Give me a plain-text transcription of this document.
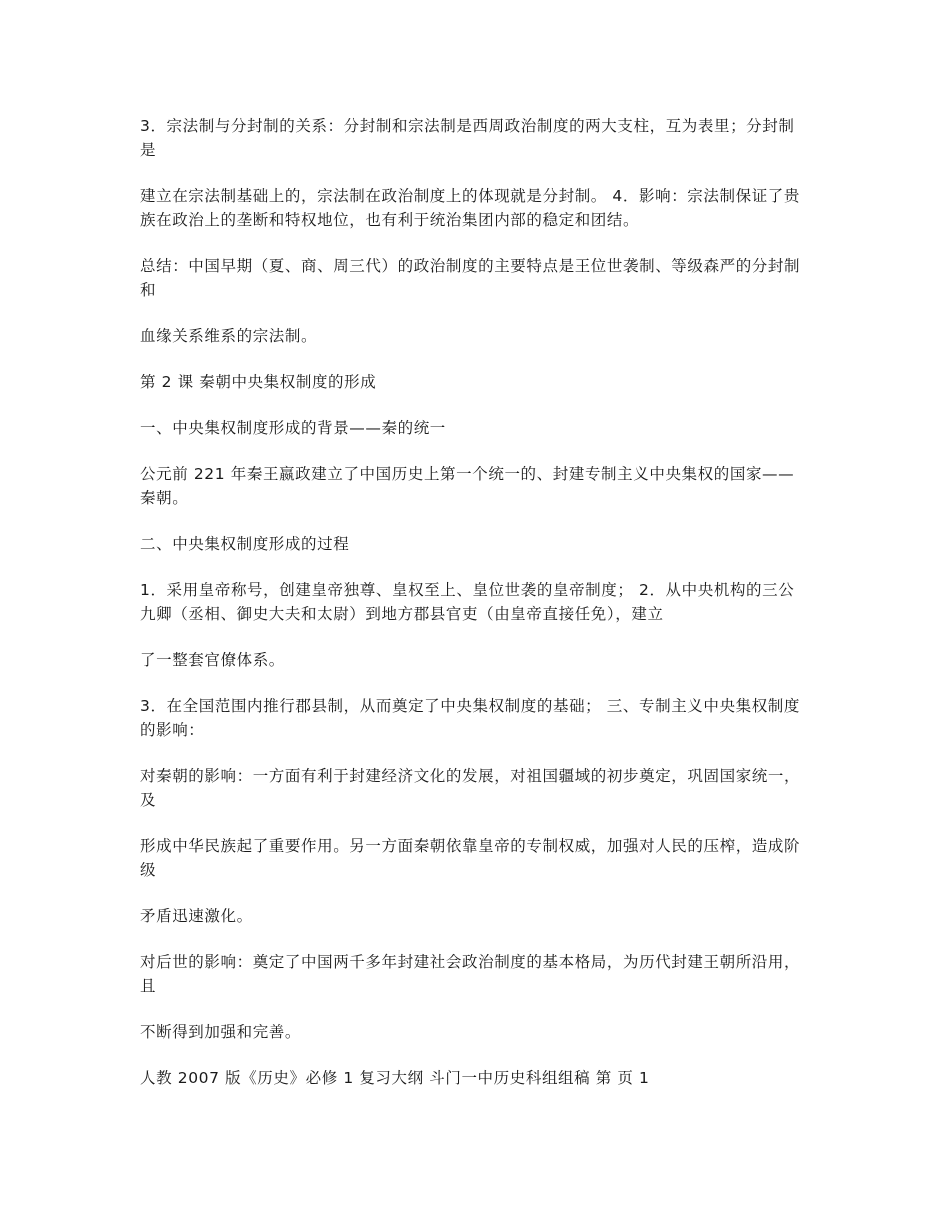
3．宗法制与分封制的关系：分封制和宗法制是西周政治制度的两大支柱，互为表里；分封制是

建立在宗法制基础上的，宗法制在政治制度上的体现就是分封制。 4．影响：宗法制保证了贵族在政治上的垄断和特权地位，也有利于统治集团内部的稳定和团结。

总结：中国早期（夏、商、周三代）的政治制度的主要特点是王位世袭制、等级森严的分封制和

血缘关系维系的宗法制。

第 2 课 秦朝中央集权制度的形成

一、中央集权制度形成的背景——秦的统一

公元前 221 年秦王嬴政建立了中国历史上第一个统一的、封建专制主义中央集权的国家——秦朝。

二、中央集权制度形成的过程

1．采用皇帝称号，创建皇帝独尊、皇权至上、皇位世袭的皇帝制度； 2．从中央机构的三公九卿（丞相、御史大夫和太尉）到地方郡县官吏（由皇帝直接任免），建立

了一整套官僚体系。

3．在全国范围内推行郡县制，从而奠定了中央集权制度的基础； 三、专制主义中央集权制度的影响：

对秦朝的影响：一方面有利于封建经济文化的发展，对祖国疆域的初步奠定，巩固国家统一，及

形成中华民族起了重要作用。另一方面秦朝依靠皇帝的专制权威，加强对人民的压榨，造成阶级

矛盾迅速激化。

对后世的影响：奠定了中国两千多年封建社会政治制度的基本格局，为历代封建王朝所沿用，且

不断得到加强和完善。

人教 2007 版《历史》必修 1 复习大纲 斗门一中历史科组组稿 第 页 1
